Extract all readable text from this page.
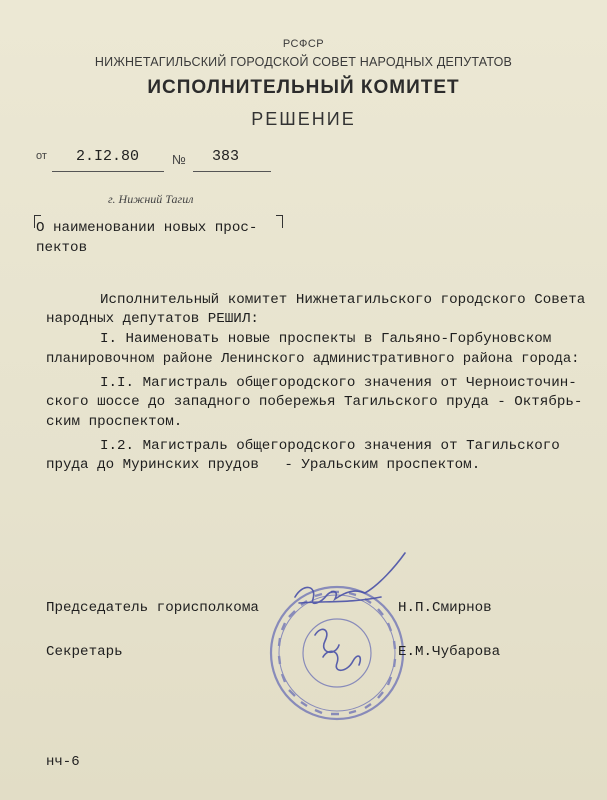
РСФСР
НИЖНЕТАГИЛЬСКИЙ ГОРОДСКОЙ СОВЕТ НАРОДНЫХ ДЕПУТАТОВ
ИСПОЛНИТЕЛЬНЫЙ КОМИТЕТ
РЕШЕНИЕ
от 2.I2.80	№ 383
г. Нижний Тагил
О наименовании новых прос-
пектов
Исполнительный комитет Нижнетагильского городского Совета
народных депутатов РЕШИЛ:
I. Наименовать новые проспекты в Гальяно-Горбуновском
планировочном районе Ленинского административного района города:
I.I. Магистраль общегородского значения от Черноисточин-
ского шоссе до западного побережья Тагильского пруда - Октябрь-
ским проспектом.
I.2. Магистраль общегородского значения от Тагильского
пруда до Муринских прудов   - Уральским проспектом.
Председатель горисполкома	Н.П.Смирнов
Секретарь	Е.М.Чубарова
нч-6
